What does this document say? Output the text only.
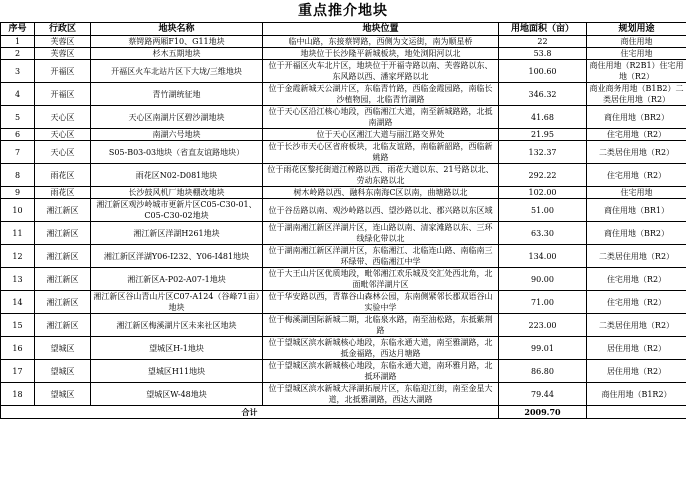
重点推介地块
序号	行政区	地块名称	地块位置	用地面积（亩）	规划用途
1	芙蓉区	蔡锷路两厢F10、G11地块	临中山路，东接蔡锷路，西侧为文运街，南为顺星桥	22	商住用地
2	芙蓉区	杉木五期地块	地块位于长沙隆平新城板块，地处浏阳河以北	53.8	住宅用地
3	开福区	开福区火车北站片区下大垅/三维地块	位于开福区火车北片区，地块位于开福寺路以南、芙蓉路以东、东风路以西、潘家坪路以北	100.60	商住用地（R2B1）住宅用地（R2）
4	开福区	青竹湖统征地	位于金霞新城天公湖片区，东临青竹路，西临金霞园路，南临长沙植物园，北临青竹湖路	346.32	商业商务用地（B1B2）二类居住用地（R2）
5	天心区	天心区南湖片区碧沙湖地块	位于天心区沿江核心地段，西临湘江大道，南至新城路路，北抵南湖路	41.68	商住用地（BR2）
6	天心区	南湖六号地块	位于天心区湘江大道与丽江路交界处	21.95	住宅用地（R2）
7	天心区	S05-B03-03地块（省直友谊路地块）	位于长沙市天心区省府板块，北临友谊路，南临新韶路，西临新姚路	132.37	二类居住用地（R2）
8	雨花区	雨花区N02-D081地块	位于雨花区黎托街道江榨路以西、雨花大道以东、21号路以北、劳动东路以北	292.22	住宅用地（R2）
9	雨花区	长沙鼓风机厂地块棚改地块	树木岭路以西、融科东南海C区以南，曲塘路以北	102.00	住宅用地
10	湘江新区	湘江新区观沙岭城市更新片区C05-C30-01、C05-C30-02地块	位于谷岳路以南、观沙岭路以西、望沙路以北、郡兴路以东区域	51.00	商住用地（BR1）
11	湘江新区	湘江新区洋湖H261地块	位于湖南湘江新区洋湖片区，连山路以南、清家滩路以东、三环线绿化带以北	63.30	商住用地（BR2）
12	湘江新区	湘江新区洋湖Y06-I232、Y06-I481地块	位于湖南湘江新区洋湖片区，东临湘江、北临连山路、南临南三环绿带、西临湘江中学	134.00	二类居住用地（R2）
13	湘江新区	湘江新区A-P02-A07-1地块	位于大王山片区优质地段，毗邻湘江欢乐城及交汇处西北角，北面毗邻洋湖片区	90.00	住宅用地（R2）
14	湘江新区	湘江新区谷山青山片区C07-A124（谷峰71亩）地块	位于华安路以西，青靠谷山森林公园，东南侧紧邻长郡双语谷山实验中学	71.00	住宅用地（R2）
15	湘江新区	湘江新区梅溪湖片区未来社区地块	位于梅溪湖国际新城二期，北临泉水路，南至油松路，东抵紫荆路	223.00	二类居住用地（R2）
16	望城区	望城区H-1地块	位于望城区滨水新城核心地段，东临永通大道，南至雅湖路，北抵金福路，西达月塘路	99.01	居住用地（R2）
17	望城区	望城区H11地块	位于望城区滨水新城核心地段，东临永通大道，南环雅月路，北抵环湖路	86.80	居住用地（R2）
18	望城区	望城区W-48地块	位于望城区滨水新城大泽湖拓展片区，东临迎江街，南至金星大道，北抵雅湖路，西达大湖路	79.44	商住用地（B1R2）
合计				2009.70	
